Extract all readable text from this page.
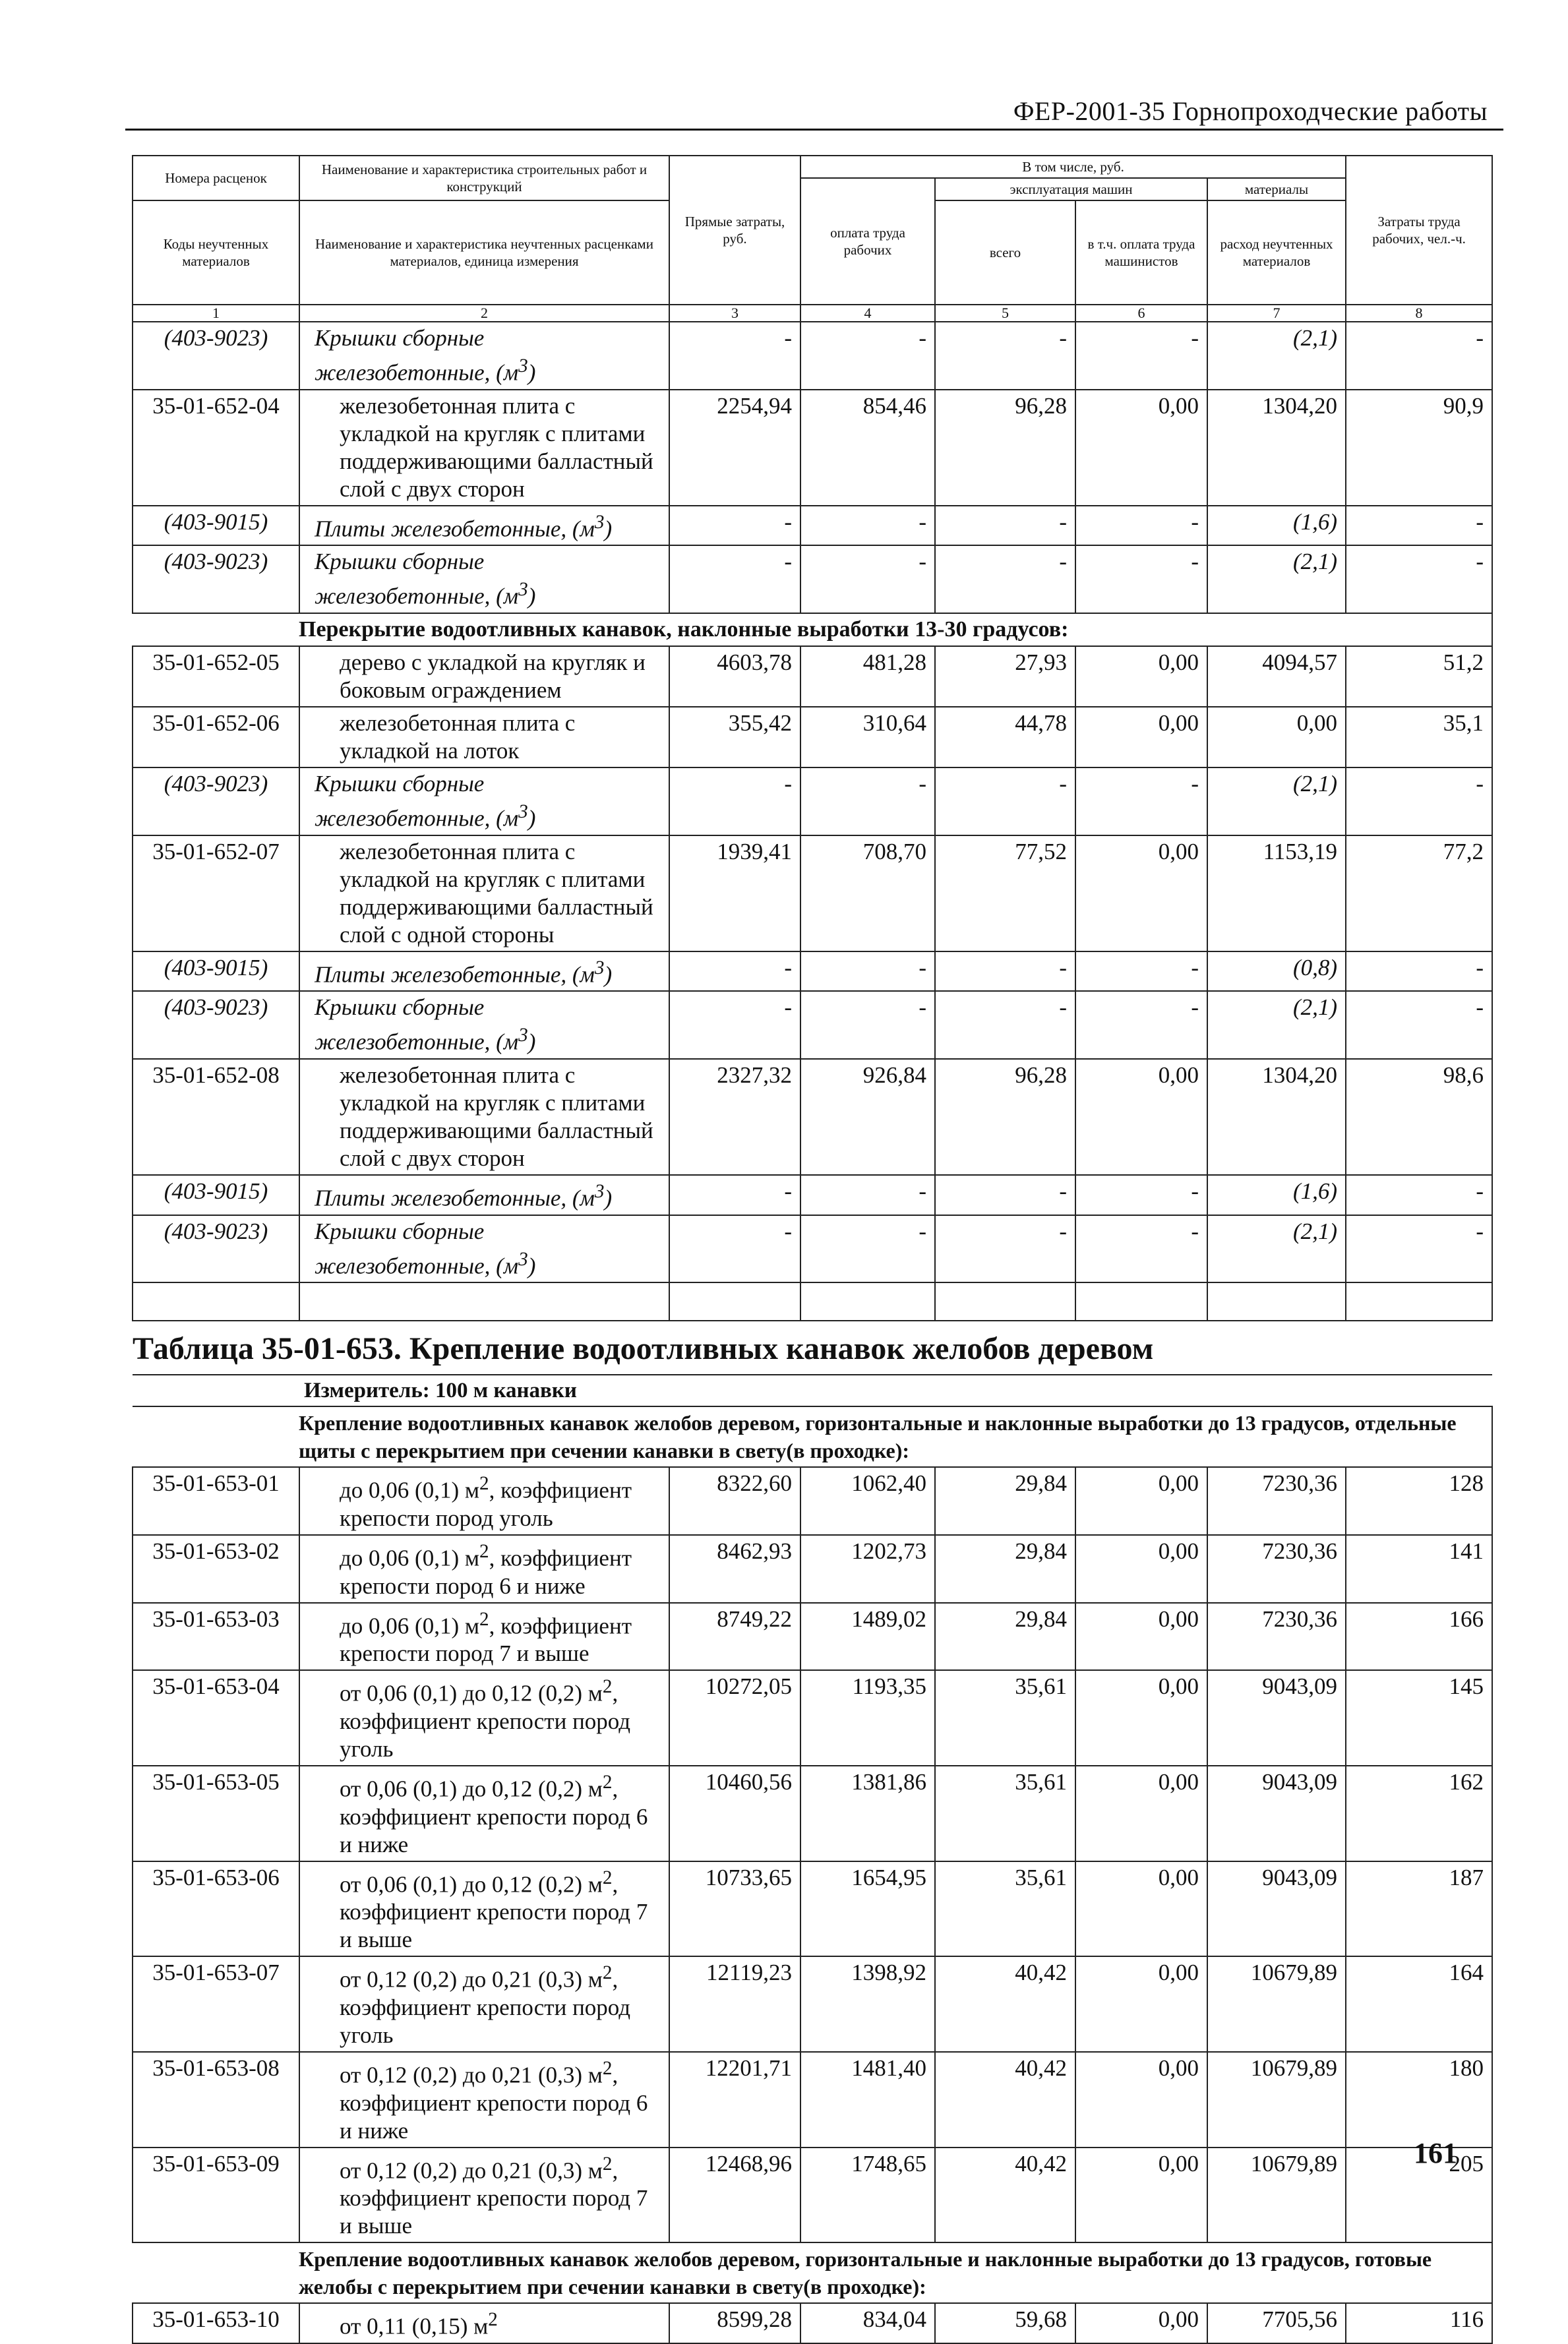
ФЕР-2001-35 Горнопроходческие работы
Номера расценок	Наименование и характеристика строительных работ и конструкций	Прямые затраты, руб.	В том числе, руб.				Затраты труда рабочих, чел.-ч.
			оплата труда рабочих	эксплуатация машин		материалы	
				всего	в т.ч. оплата труда машинистов	расход неучтенных материалов	
Коды неучтенных материалов	Наименование и характеристика неучтенных расценками материалов, единица измерения						

1	2	3	4	5	6	7	8
(403-9023)	Крышки сборные железобетонные, $(м^3)$	-	-	-	-	(2,1)	-
35-01-652-04	железобетонная плита с укладкой на кругляк с плитами поддерживающими балластный слой с двух сторон	2254,94	854,46	96,28	0,00	1304,20	90,9
(403-9015)	Плиты железобетонные, $(м^3)$	-	-	-	-	(1,6)	-
(403-9023)	Крышки сборные железобетонные, $(м^3)$	-	-	-	-	(2,1)	-
Перекрытие водоотливных канавок, наклонные выработки 13-30 градусов:							
35-01-652-05	дерево с укладкой на кругляк и боковым ограждением	4603,78	481,28	27,93	0,00	4094,57	51,2
35-01-652-06	железобетонная плита с укладкой на лоток	355,42	310,64	44,78	0,00	0,00	35,1
(403-9023)	Крышки сборные железобетонные, $(м^3)$	-	-	-	-	(2,1)	-
35-01-652-07	железобетонная плита с укладкой на кругляк с плитами поддерживающими балластный слой с одной стороны	1939,41	708,70	77,52	0,00	1153,19	77,2
(403-9015)	Плиты железобетонные, $(м^3)$	-	-	-	-	(0,8)	-
(403-9023)	Крышки сборные железобетонные, $(м^3)$	-	-	-	-	(2,1)	-
35-01-652-08	железобетонная плита с укладкой на кругляк с плитами поддерживающими балластный слой с двух сторон	2327,32	926,84	96,28	0,00	1304,20	98,6
(403-9015)	Плиты железобетонные, $(м^3)$	-	-	-	-	(1,6)	-
(403-9023)	Крышки сборные железобетонные, $(м^3)$	-	-	-	-	(2,1)	-

Таблица 35-01-653. Крепление водоотливных канавок желобов деревом							
Измеритель: 100 м канавки							
Крепление водоотливных канавок желобов деревом, горизонтальные и наклонные выработки до 13 градусов, отдельные щиты с перекрытием при сечении канавки в свету(в проходке):							
35-01-653-01	до 0,06 (0,1) $м^2$, коэффициент крепости пород уголь	8322,60	1062,40	29,84	0,00	7230,36	128
35-01-653-02	до 0,06 (0,1) $м^2$, коэффициент крепости пород 6 и ниже	8462,93	1202,73	29,84	0,00	7230,36	141
35-01-653-03	до 0,06 (0,1) $м^2$, коэффициент крепости пород 7 и выше	8749,22	1489,02	29,84	0,00	7230,36	166
35-01-653-04	от 0,06 (0,1) до 0,12 (0,2) $м^2$, коэффициент крепости пород уголь	10272,05	1193,35	35,61	0,00	9043,09	145
35-01-653-05	от 0,06 (0,1) до 0,12 (0,2) $м^2$, коэффициент крепости пород 6 и ниже	10460,56	1381,86	35,61	0,00	9043,09	162
35-01-653-06	от 0,06 (0,1) до 0,12 (0,2) $м^2$, коэффициент крепости пород 7 и выше	10733,65	1654,95	35,61	0,00	9043,09	187
35-01-653-07	от 0,12 (0,2) до 0,21 (0,3) $м^2$, коэффициент крепости пород уголь	12119,23	1398,92	40,42	0,00	10679,89	164
35-01-653-08	от 0,12 (0,2) до 0,21 (0,3) $м^2$, коэффициент крепости пород 6 и ниже	12201,71	1481,40	40,42	0,00	10679,89	180
35-01-653-09	от 0,12 (0,2) до 0,21 (0,3) $м^2$, коэффициент крепости пород 7 и выше	12468,96	1748,65	40,42	0,00	10679,89	205
Крепление водоотливных канавок желобов деревом, горизонтальные и наклонные выработки до 13 градусов, готовые желобы с перекрытием при сечении канавки в свету(в проходке):							
35-01-653-10	от 0,11 (0,15) $м^2$	8599,28	834,04	59,68	0,00	7705,56	116
161
